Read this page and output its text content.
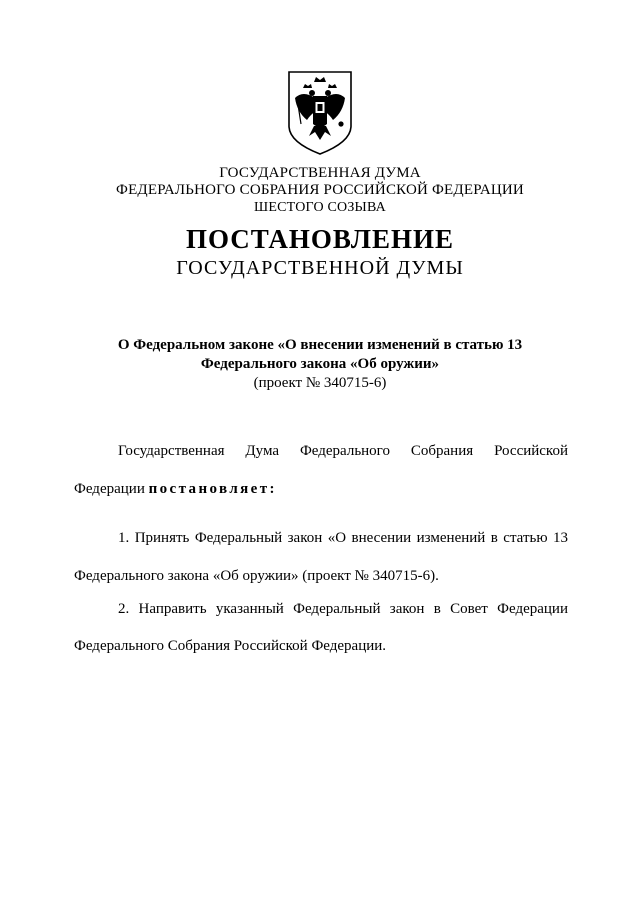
ГОСУДАРСТВЕННАЯ ДУМА
ФЕДЕРАЛЬНОГО СОБРАНИЯ РОССИЙСКОЙ ФЕДЕРАЦИИ
ШЕСТОГО СОЗЫВА
ПОСТАНОВЛЕНИЕ
ГОСУДАРСТВЕННОЙ ДУМЫ
О Федеральном законе «О внесении изменений в статью 13
Федерального закона «Об оружии»
(проект № 340715-6)
Государственная Дума Федерального Собрания Российской
Федерации постановляет:
1. Принять Федеральный закон «О внесении изменений в статью 13
Федерального закона «Об оружии» (проект № 340715-6).
2. Направить указанный Федеральный закон в Совет Федерации
Федерального Собрания Российской Федерации.
